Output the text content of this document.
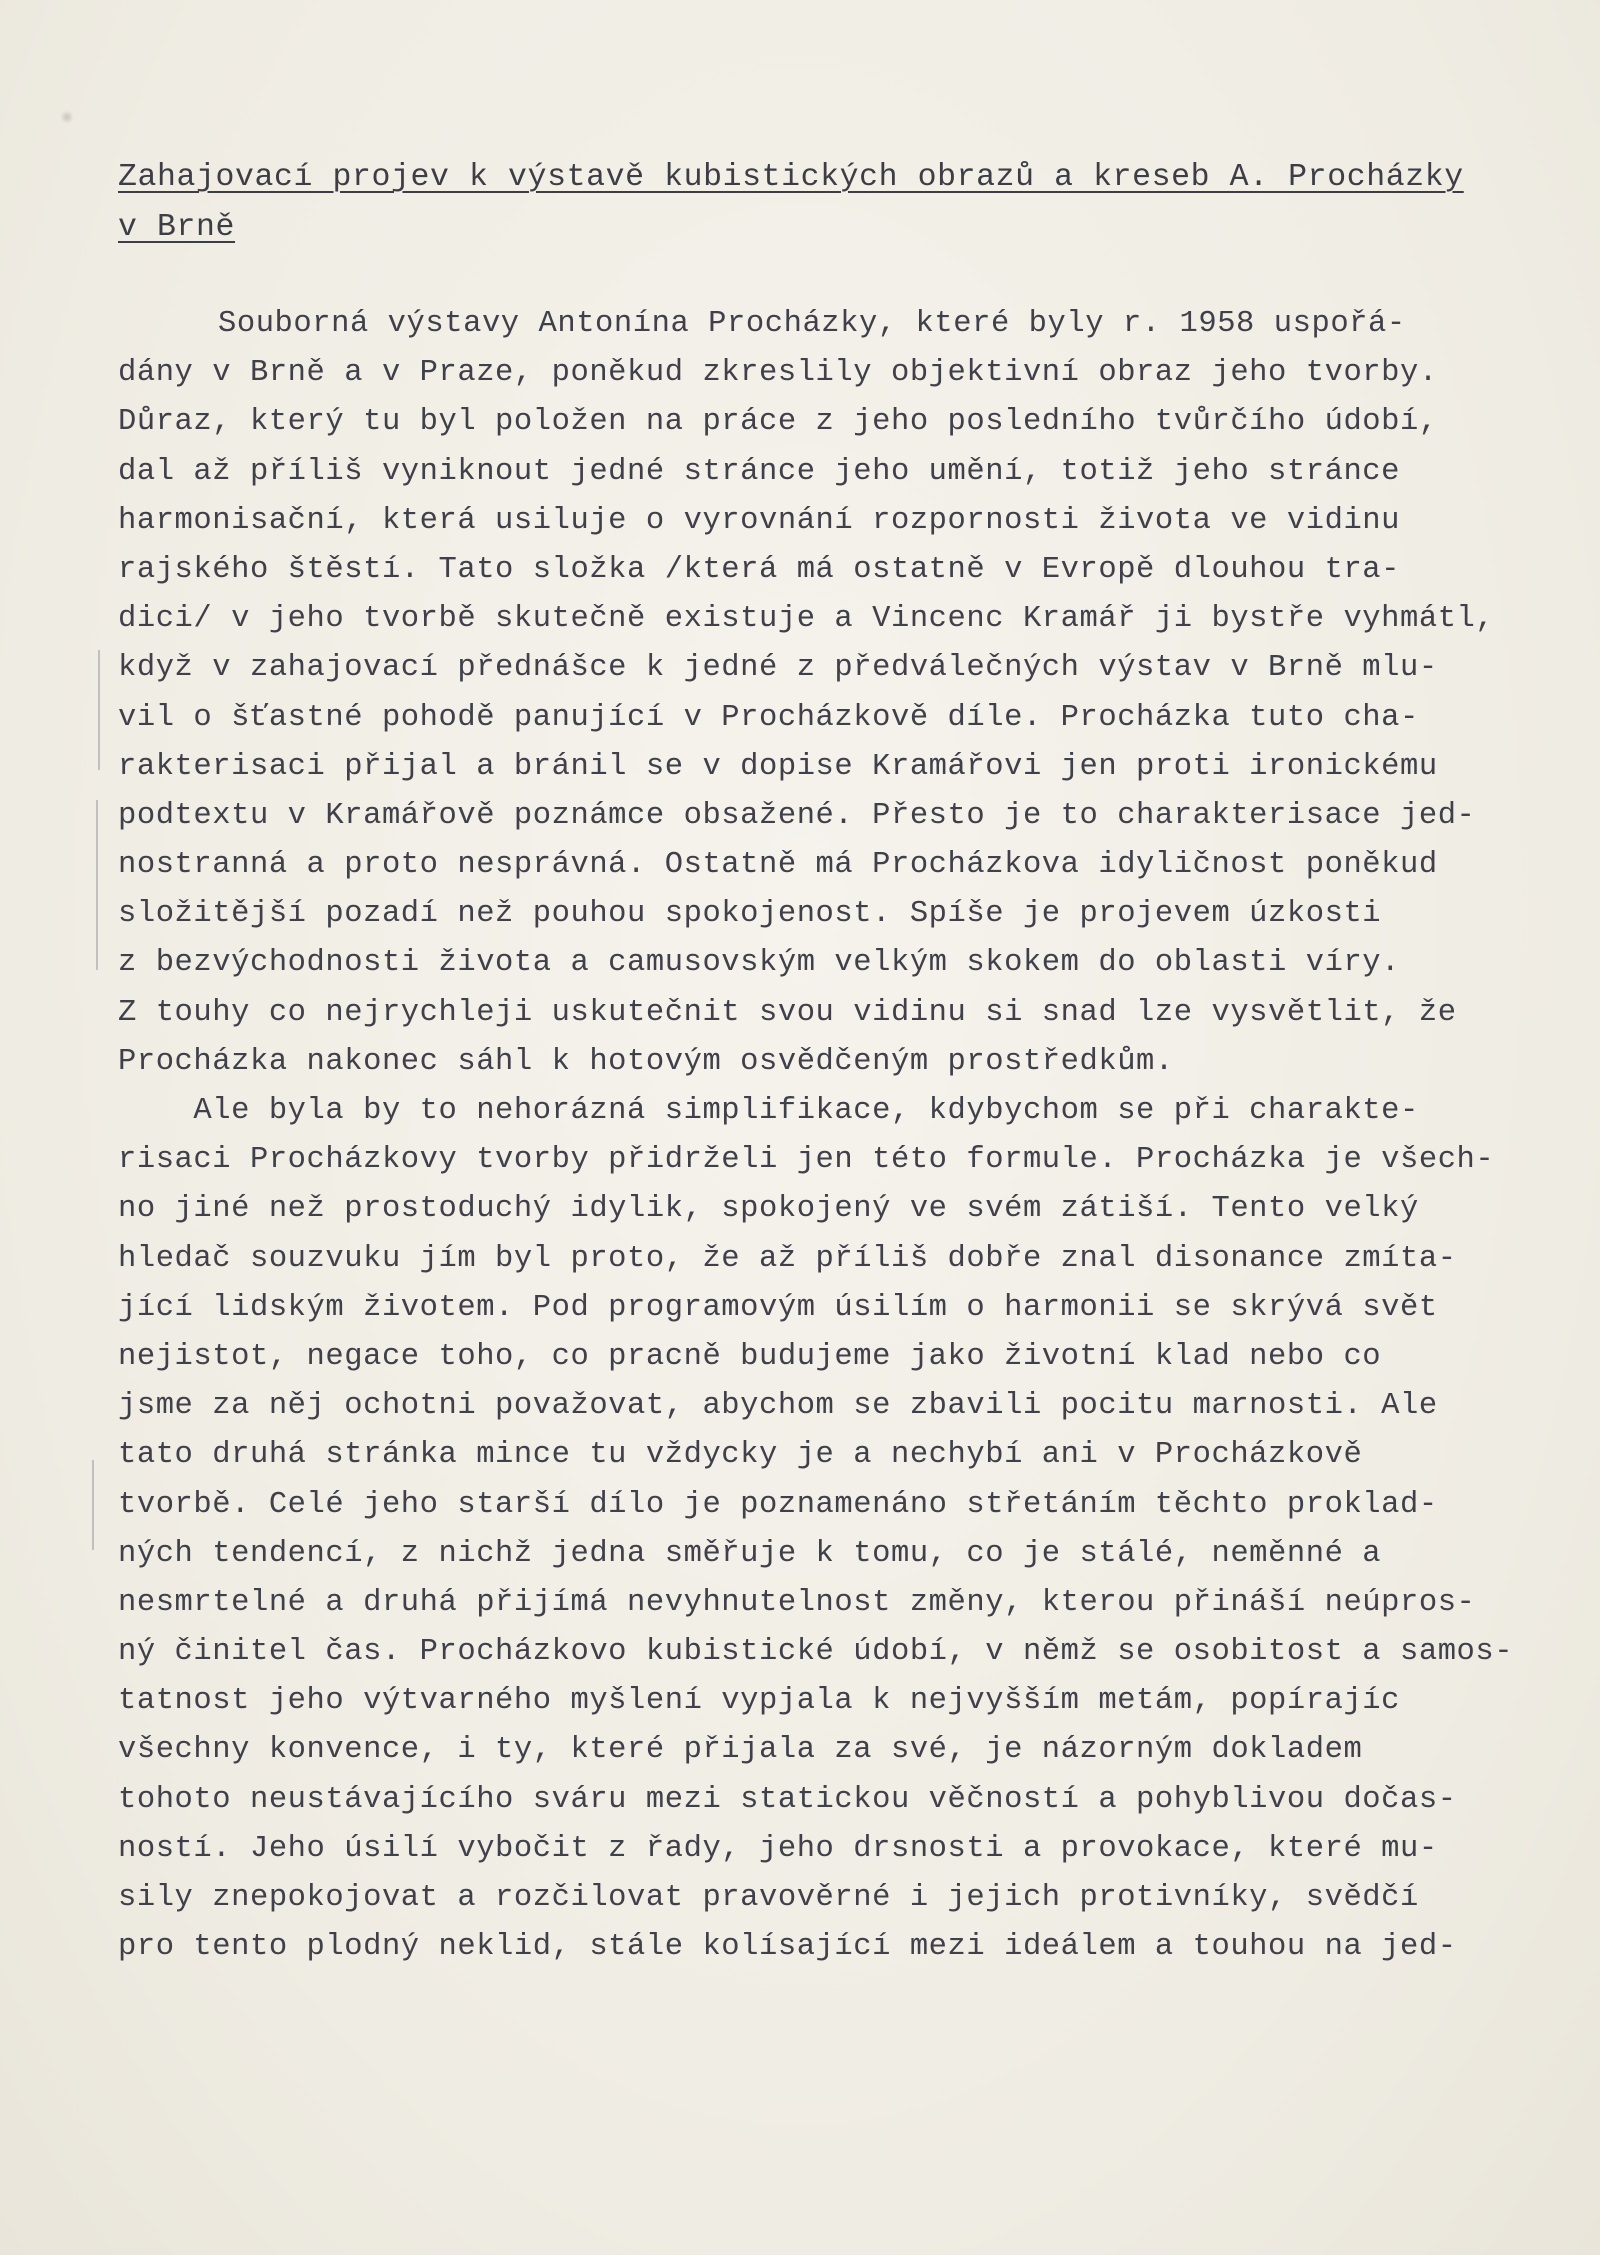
Zahajovací projev k výstavě kubistických obrazů a kreseb A. Procházky
v Brně
Souborná výstavy Antonína Procházky, které byly r. 1958 uspořá-
dány v Brně a v Praze, poněkud zkreslily objektivní obraz jeho tvorby.
Důraz, který tu byl položen na práce z jeho posledního tvůrčího údobí,
dal až příliš vyniknout jedné stránce jeho umění, totiž jeho stránce
harmonisační, která usiluje o vyrovnání rozpornosti života ve vidinu
rajského štěstí. Tato složka /která má ostatně v Evropě dlouhou tra-
dici/ v jeho tvorbě skutečně existuje a Vincenc Kramář ji bystře vyhmátl,
když v zahajovací přednášce k jedné z předválečných výstav v Brně mlu-
vil o šťastné pohodě panující v Procházkově díle. Procházka tuto cha-
rakterisaci přijal a bránil se v dopise Kramářovi jen proti ironickému
podtextu v Kramářově poznámce obsažené. Přesto je to charakterisace jed-
nostranná a proto nesprávná. Ostatně má Procházkova idyličnost poněkud
složitější pozadí než pouhou spokojenost. Spíše je projevem úzkosti
z bezvýchodnosti života a camusovským velkým skokem do oblasti víry.
Z touhy co nejrychleji uskutečnit svou vidinu si snad lze vysvětlit, že
Procházka nakonec sáhl k hotovým osvědčeným prostředkům.
Ale byla by to nehorázná simplifikace, kdybychom se při charakte-
risaci Procházkovy tvorby přidrželi jen této formule. Procházka je všech-
no jiné než prostoduchý idylik, spokojený ve svém zátiší. Tento velký
hledač souzvuku jím byl proto, že až příliš dobře znal disonance zmíta-
jící lidským životem. Pod programovým úsilím o harmonii se skrývá svět
nejistot, negace toho, co pracně budujeme jako životní klad nebo co
jsme za něj ochotni považovat, abychom se zbavili pocitu marnosti. Ale
tato druhá stránka mince tu vždycky je a nechybí ani v Procházkově
tvorbě. Celé jeho starší dílo je poznamenáno střetáním těchto proklad-
ných tendencí, z nichž jedna směřuje k tomu, co je stálé, neměnné a
nesmrtelné a druhá přijímá nevyhnutelnost změny, kterou přináší neúpros-
ný činitel čas. Procházkovo kubistické údobí, v němž se osobitost a samos-
tatnost jeho výtvarného myšlení vypjala k nejvyšším metám, popírajíc
všechny konvence, i ty, které přijala za své, je názorným dokladem
tohoto neustávajícího sváru mezi statickou věčností a pohyblivou dočas-
ností. Jeho úsilí vybočit z řady, jeho drsnosti a provokace, které mu-
sily znepokojovat a rozčilovat pravověrné i jejich protivníky, svědčí
pro tento plodný neklid, stále kolísající mezi ideálem a touhou na jed-
